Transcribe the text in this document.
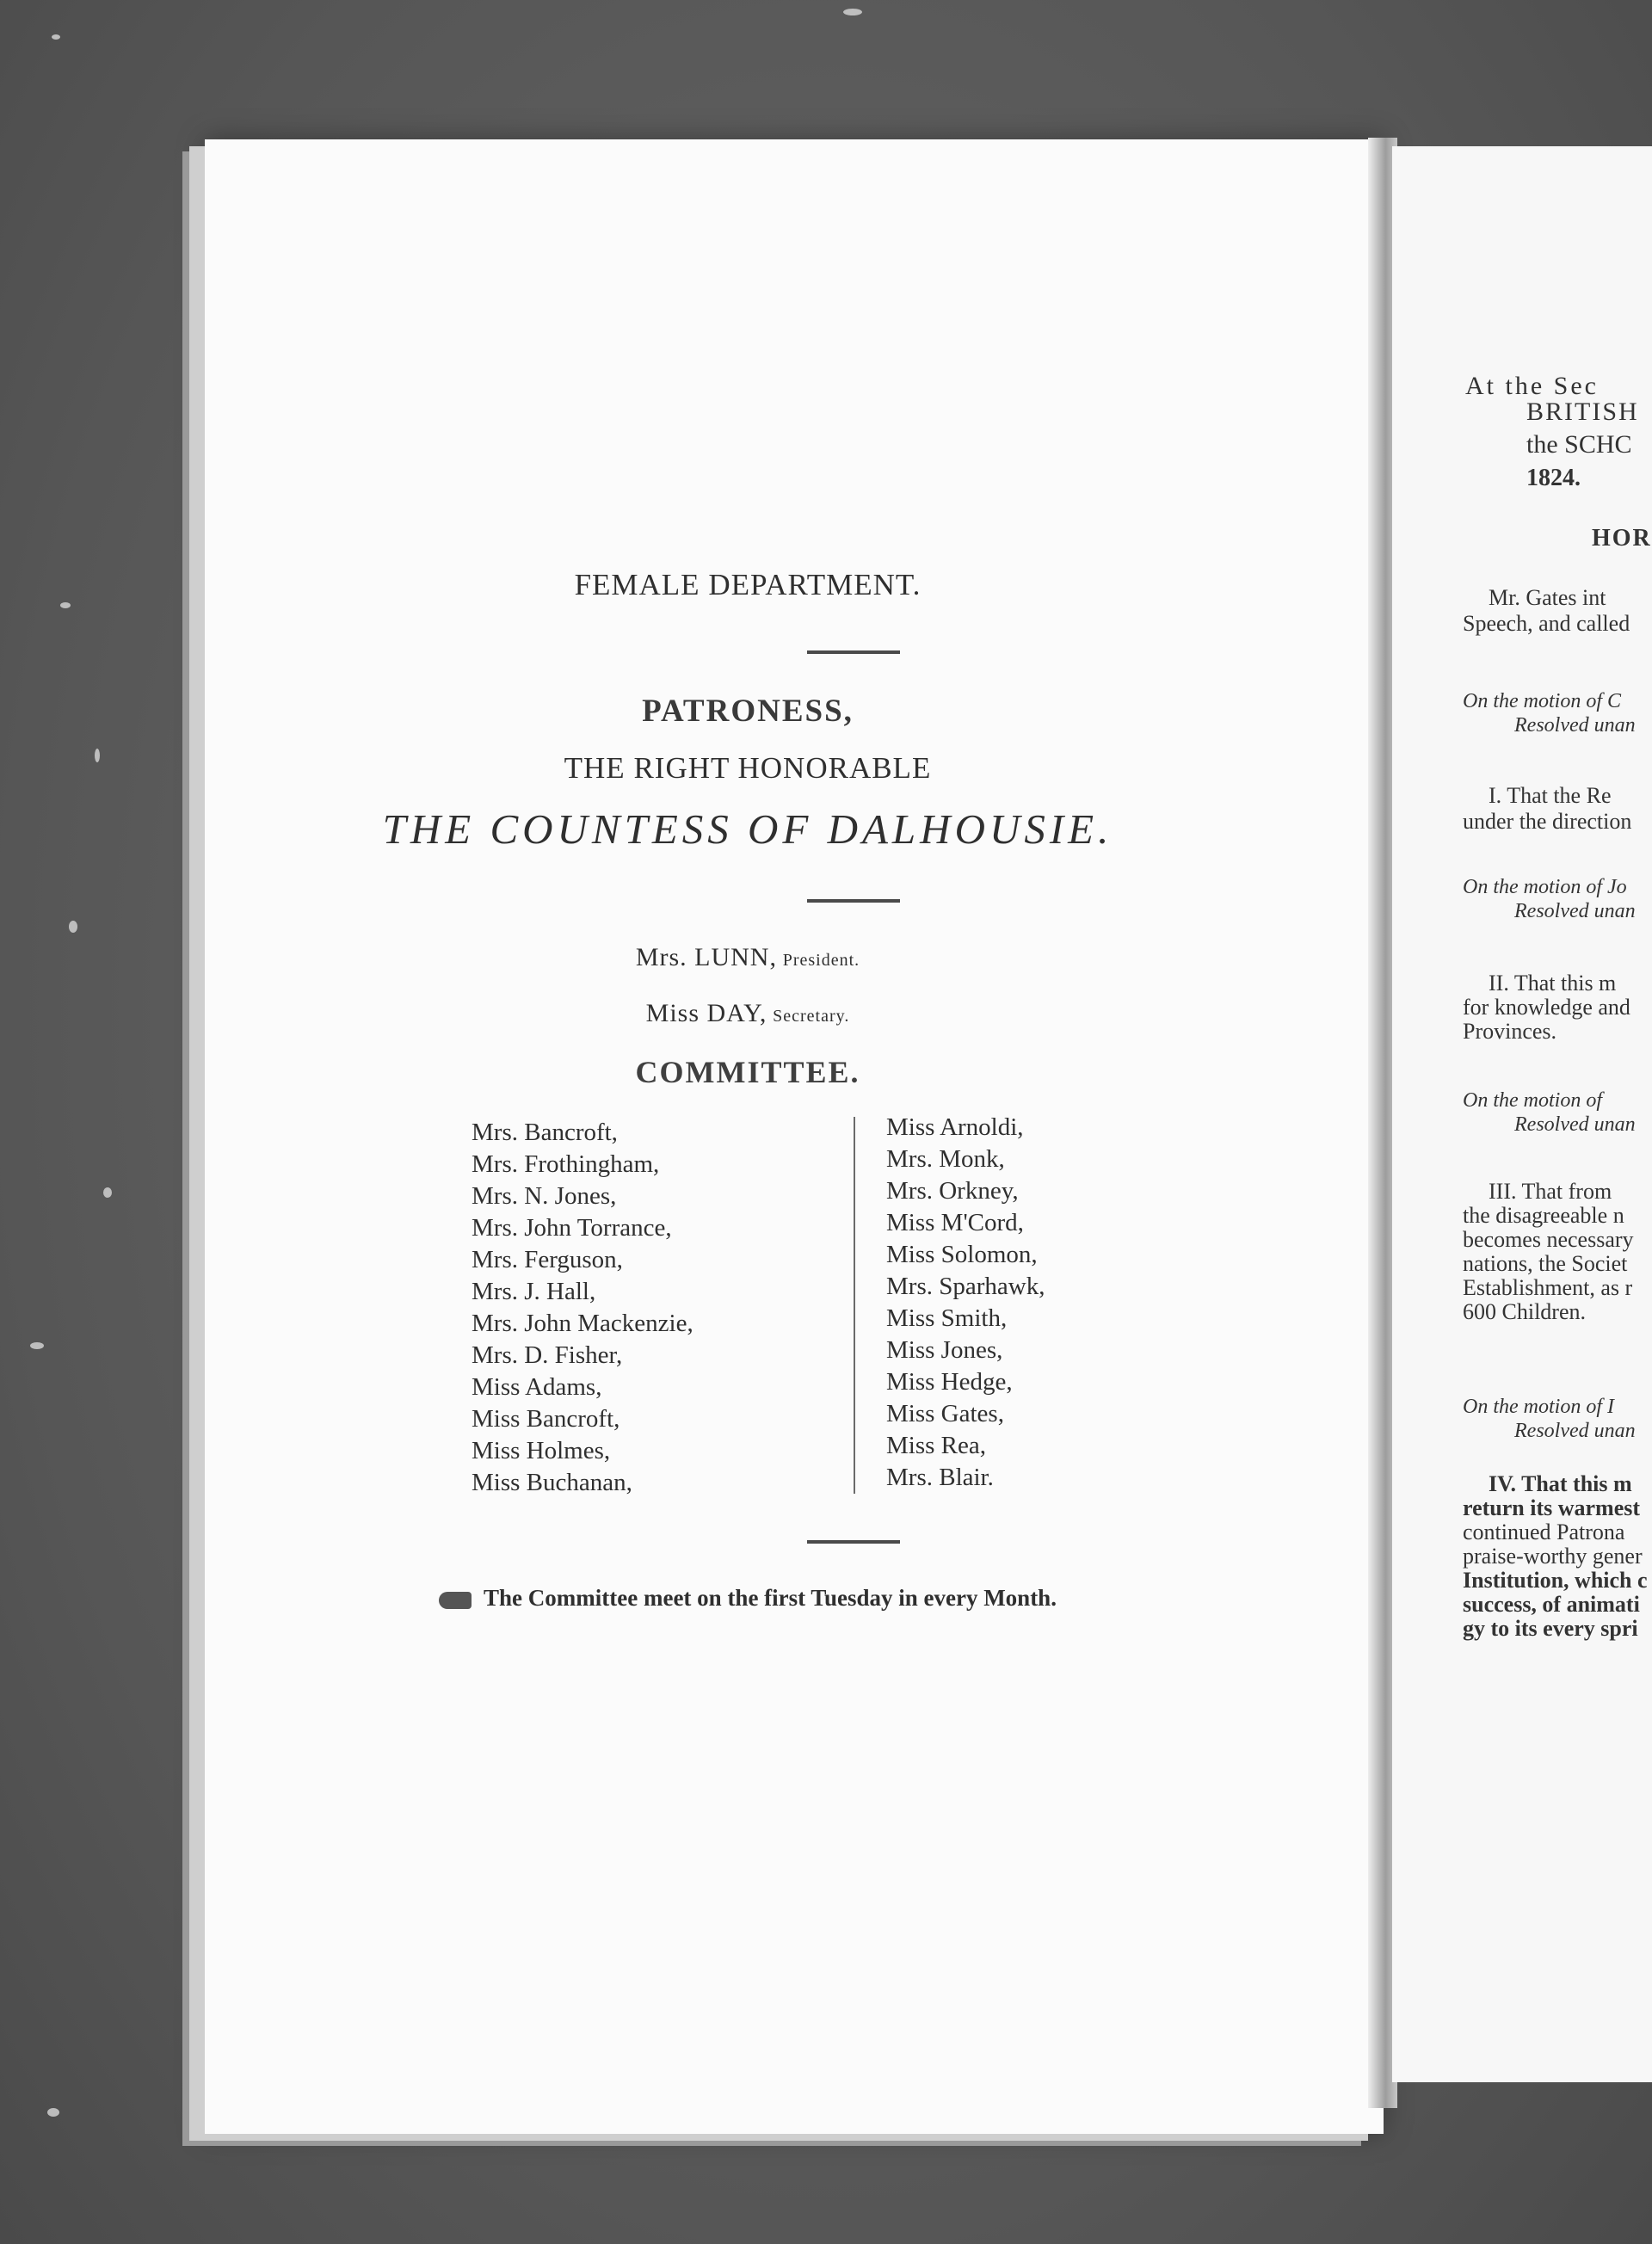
At the Sec
BRITISH
the SCHC
1824.
HOR
Mr. Gates int
Speech, and called
On the motion of C
Resolved unan
I. That the Re
under the direction
On the motion of Jo
Resolved unan
II. That this m
for knowledge and
Provinces.
On the motion of
Resolved unan
III. That from
the disagreeable n
becomes necessary
nations, the Societ
Establishment, as r
600 Children.
On the motion of I
Resolved unan
IV. That this m
return its warmest
continued Patrona
praise-worthy gener
Institution, which c
success, of animati
gy to its every spri
FEMALE DEPARTMENT.
PATRONESS,
THE RIGHT HONORABLE
THE COUNTESS OF DALHOUSIE.
Mrs. LUNN, President.
Miss DAY, Secretary.
COMMITTEE.
Mrs. Bancroft,
Mrs. Frothingham,
Mrs. N. Jones,
Mrs. John Torrance,
Mrs. Ferguson,
Mrs. J. Hall,
Mrs. John Mackenzie,
Mrs. D. Fisher,
Miss Adams,
Miss Bancroft,
Miss Holmes,
Miss Buchanan,
Miss Arnoldi,
Mrs. Monk,
Mrs. Orkney,
Miss M'Cord,
Miss Solomon,
Mrs. Sparhawk,
Miss Smith,
Miss Jones,
Miss Hedge,
Miss Gates,
Miss Rea,
Mrs. Blair.
The Committee meet on the first Tuesday in every Month.
